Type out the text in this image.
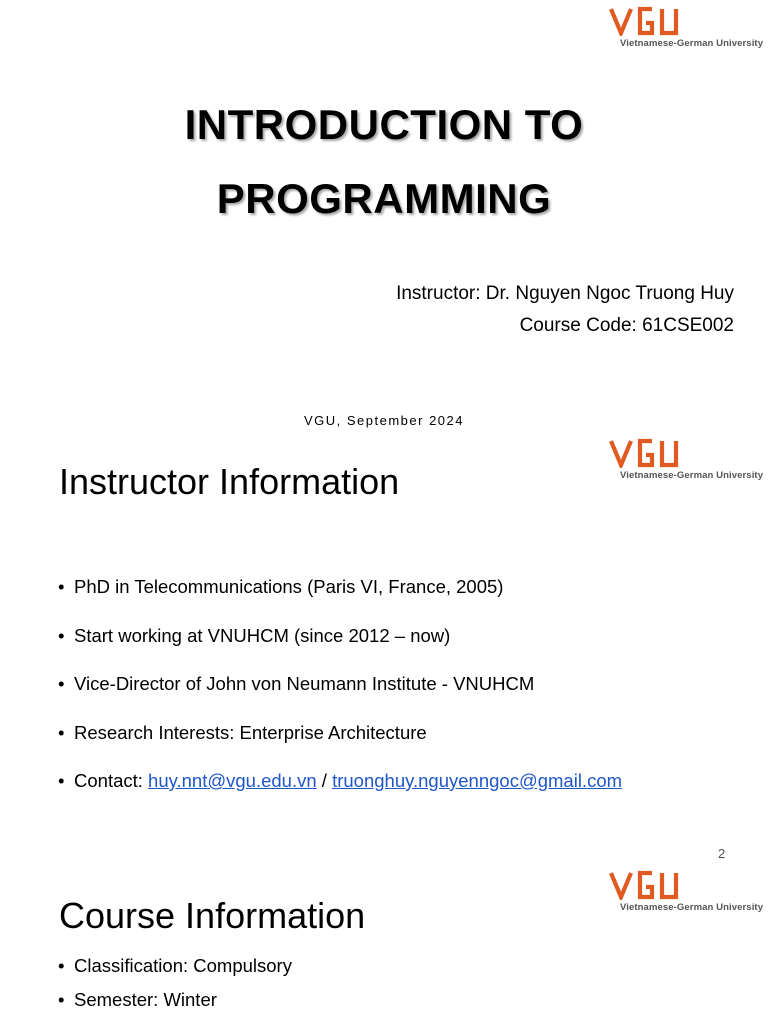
Vietnamese-German University
INTRODUCTION TO
PROGRAMMING
Instructor: Dr. Nguyen Ngoc Truong Huy
Course Code: 61CSE002
VGU, September 2024
Vietnamese-German University
Instructor Information
• PhD in Telecommunications (Paris VI, France, 2005)
• Start working at VNUHCM (since 2012 – now)
• Vice-Director of John von Neumann Institute - VNUHCM
• Research Interests: Enterprise Architecture
• Contact: huy.nnt@vgu.edu.vn / truonghuy.nguyenngoc@gmail.com
2
Vietnamese-German University
Course Information
• Classification: Compulsory
• Semester: Winter
